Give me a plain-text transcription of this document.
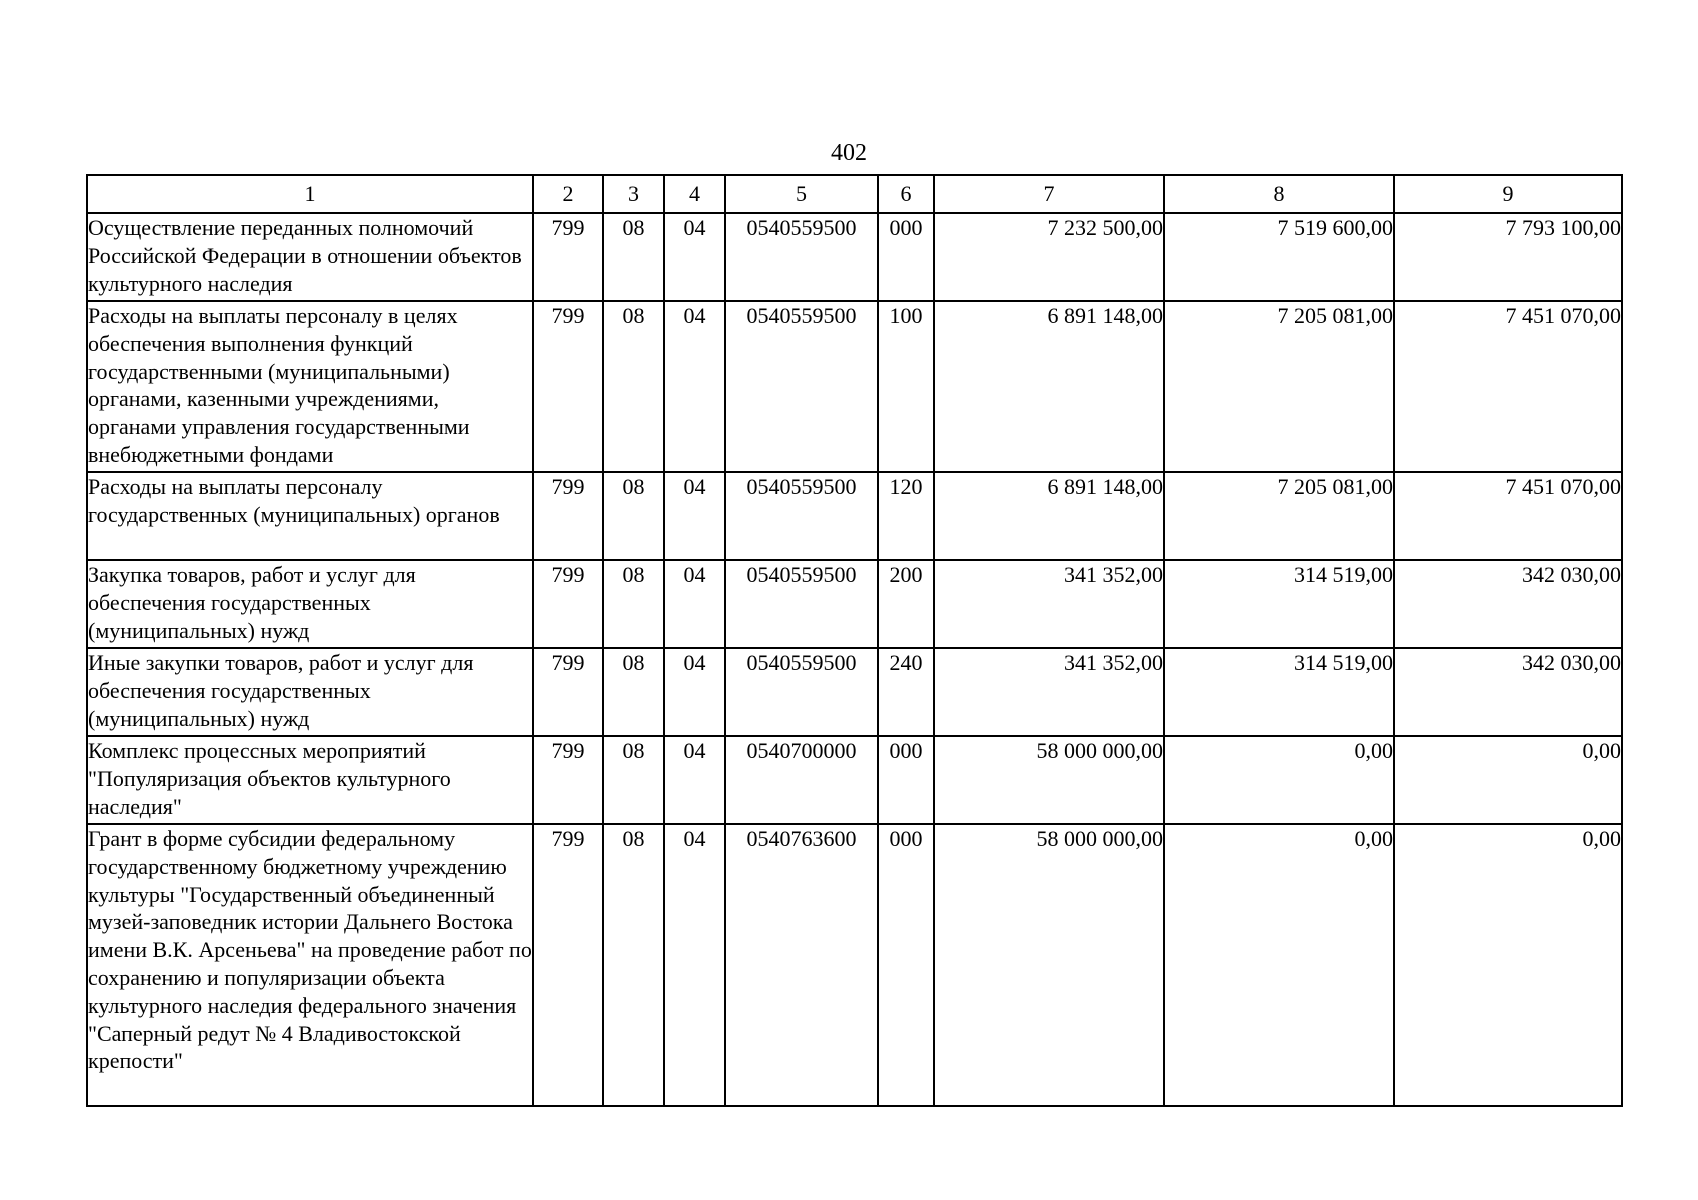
402
1	2	3	4	5	6	7	8	9
Осуществление переданных полномочий Российской Федерации в отношении объектов культурного наследия	799	08	04	0540559500	000	7 232 500,00	7 519 600,00	7 793 100,00
Расходы на выплаты персоналу в целях обеспечения выполнения функций государственными (муниципальными) органами, казенными учреждениями, органами управления государственными внебюджетными фондами	799	08	04	0540559500	100	6 891 148,00	7 205 081,00	7 451 070,00
Расходы на выплаты персоналу государственных (муниципальных) органов	799	08	04	0540559500	120	6 891 148,00	7 205 081,00	7 451 070,00
Закупка товаров, работ и услуг для обеспечения государственных (муниципальных) нужд	799	08	04	0540559500	200	341 352,00	314 519,00	342 030,00
Иные закупки товаров, работ и услуг для обеспечения государственных (муниципальных) нужд	799	08	04	0540559500	240	341 352,00	314 519,00	342 030,00
Комплекс процессных мероприятий "Популяризация объектов культурного наследия"	799	08	04	0540700000	000	58 000 000,00	0,00	0,00
Грант в форме субсидии федеральному государственному бюджетному учреждению культуры "Государственный объединенный музей-заповедник истории Дальнего Востока имени В.К. Арсеньева" на проведение работ по сохранению и популяризации объекта культурного наследия федерального значения "Саперный редут № 4 Владивостокской крепости"	799	08	04	0540763600	000	58 000 000,00	0,00	0,00
